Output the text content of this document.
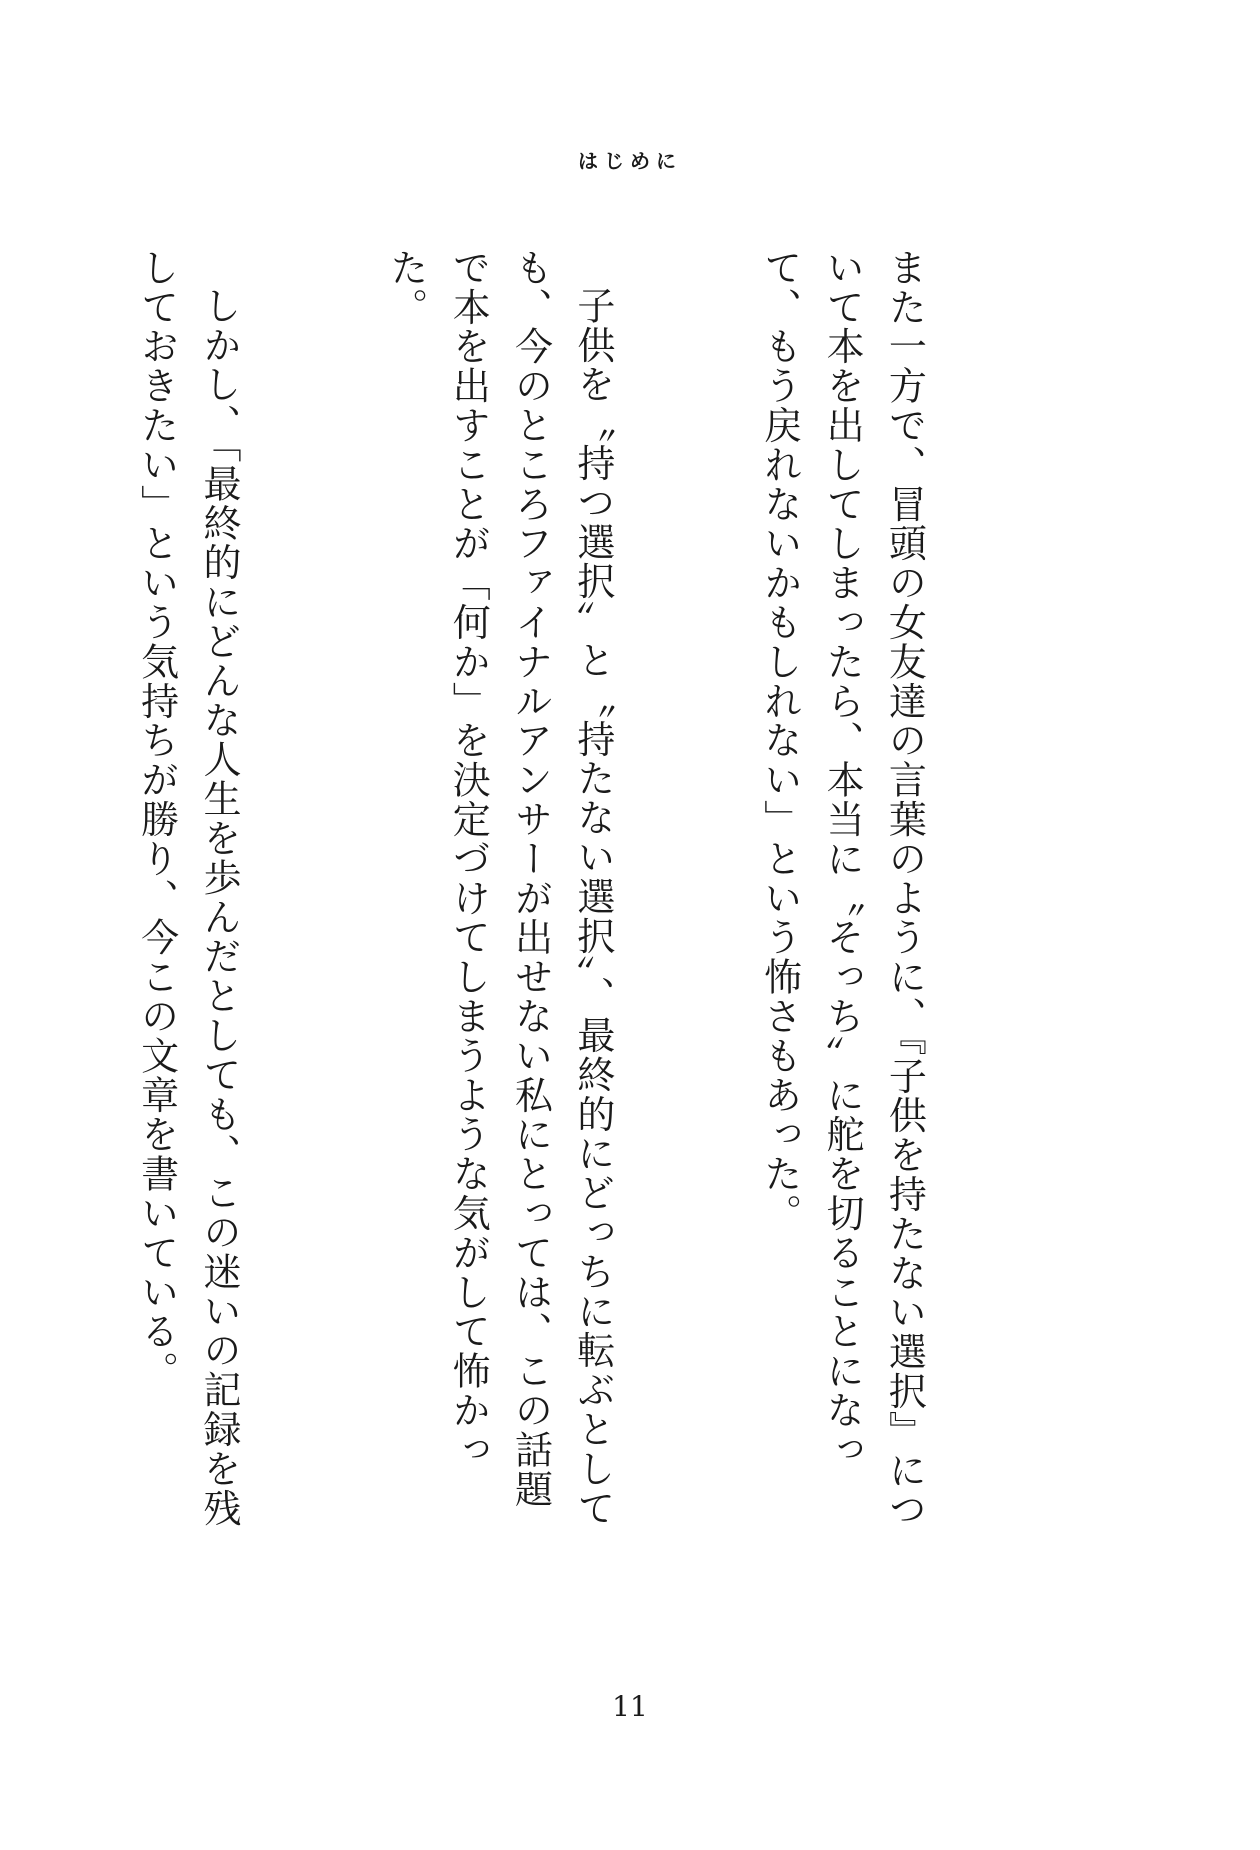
はじめに

また一方で、冒頭の女友達の言葉のように、『子供を持たない選択』について本を出してしまったら、本当に〝そっち〟に舵を切ることになって、もう戻れないかもしれない」という怖さもあった。

子供を〝持つ選択〟と〝持たない選択〟、最終的にどっちに転ぶとしても、今のところファイナルアンサーが出せない私にとっては、この話題で本を出すことが「何か」を決定づけてしまうような気がして怖かった。

しかし、「最終的にどんな人生を歩んだとしても、この迷いの記録を残しておきたい」という気持ちが勝り、今この文章を書いている。

11
